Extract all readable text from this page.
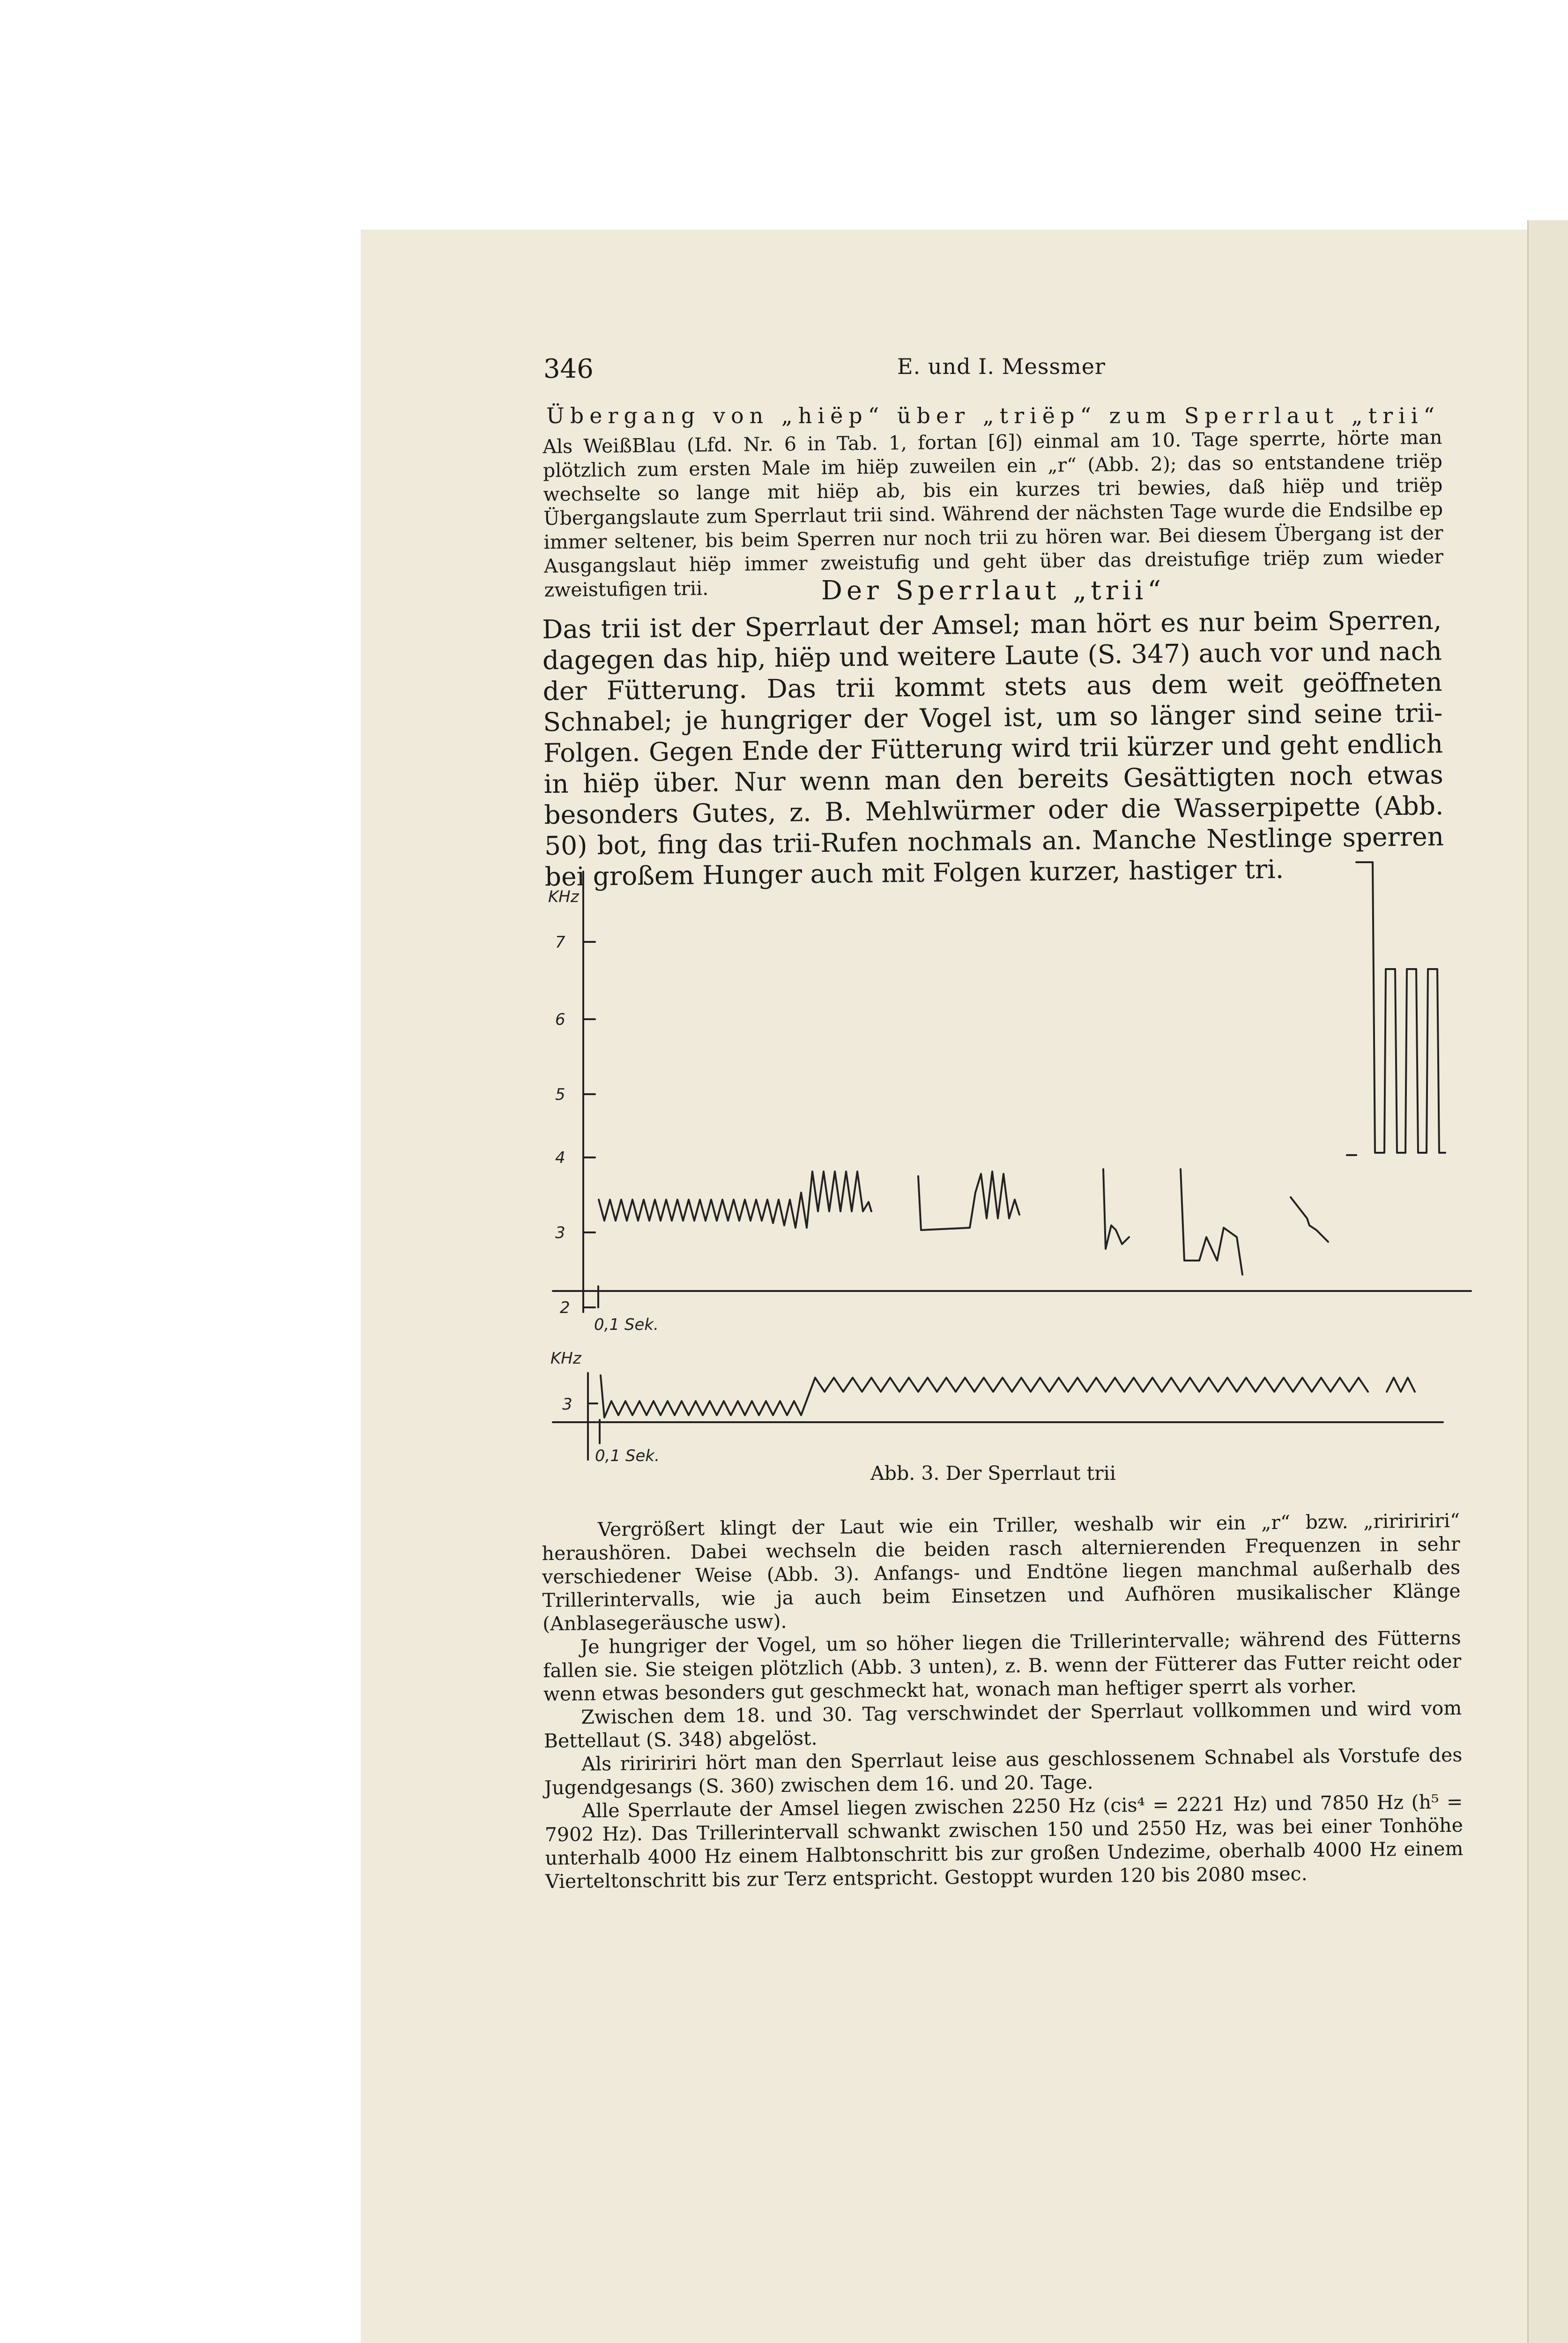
346	E. und I. Messmer
Übergang von „hiëp“ über „triëp“ zum Sperrlaut „trii“

Als WeißBlau (Lfd. Nr. 6 in Tab. 1, fortan [6]) einmal am 10. Tage sperrte, hörte man plötzlich zum ersten Male im hiëp zuweilen ein „r“ (Abb. 2); das so entstandene triëp wechselte so lange mit hiëp ab, bis ein kurzes tri bewies, daß hiëp und triëp Übergangslaute zum Sperrlaut trii sind. Während der nächsten Tage wurde die Endsilbe ep immer seltener, bis beim Sperren nur noch trii zu hören war. Bei diesem Übergang ist der Ausgangslaut hiëp immer zweistufig und geht über das dreistufige triëp zum wieder zweistufigen trii.	Der Sperrlaut „trii“

Das trii ist der Sperrlaut der Amsel; man hört es nur beim Sperren, dagegen das hip, hiëp und weitere Laute (S. 347) auch vor und nach der Fütterung. Das trii kommt stets aus dem weit geöffneten Schnabel; je hungriger der Vogel ist, um so länger sind seine trii-Folgen. Gegen Ende der Fütterung wird trii kürzer und geht endlich in hiëp über. Nur wenn man den bereits Gesättigten noch etwas besonders Gutes, z. B. Mehlwürmer oder die Wasserpipette (Abb. 50) bot, fing das trii-Rufen nochmals an. Manche Nestlinge sperren bei großem Hunger auch mit Folgen kurzer, hastiger tri.

KHz
7
6
5
4
3
2
0,1 Sek.
KHz
3
0,1 Sek.
Abb. 3. Der Sperrlaut trii

Vergrößert klingt der Laut wie ein Triller, weshalb wir ein „r“ bzw. „ririririri“ heraushören. Dabei wechseln die beiden rasch alternierenden Frequenzen in sehr verschiedener Weise (Abb. 3). Anfangs- und Endtöne liegen manchmal außerhalb des Trillerintervalls, wie ja auch beim Einsetzen und Aufhören musikalischer Klänge (Anblasegeräusche usw).

Je hungriger der Vogel, um so höher liegen die Trillerintervalle; während des Fütterns fallen sie. Sie steigen plötzlich (Abb. 3 unten), z. B. wenn der Fütterer das Futter reicht oder wenn etwas besonders gut geschmeckt hat, wonach man heftiger sperrt als vorher.

Zwischen dem 18. und 30. Tag verschwindet der Sperrlaut vollkommen und wird vom Bettellaut (S. 348) abgelöst.

Als ririririri hört man den Sperrlaut leise aus geschlossenem Schnabel als Vorstufe des Jugendgesangs (S. 360) zwischen dem 16. und 20. Tage.

Alle Sperrlaute der Amsel liegen zwischen 2250 Hz (cis⁴ = 2221 Hz) und 7850 Hz (h⁵ = 7902 Hz). Das Trillerintervall schwankt zwischen 150 und 2550 Hz, was bei einer Tonhöhe unterhalb 4000 Hz einem Halbtonschritt bis zur großen Undezime, oberhalb 4000 Hz einem Vierteltonschritt bis zur Terz entspricht. Gestoppt wurden 120 bis 2080 msec.
